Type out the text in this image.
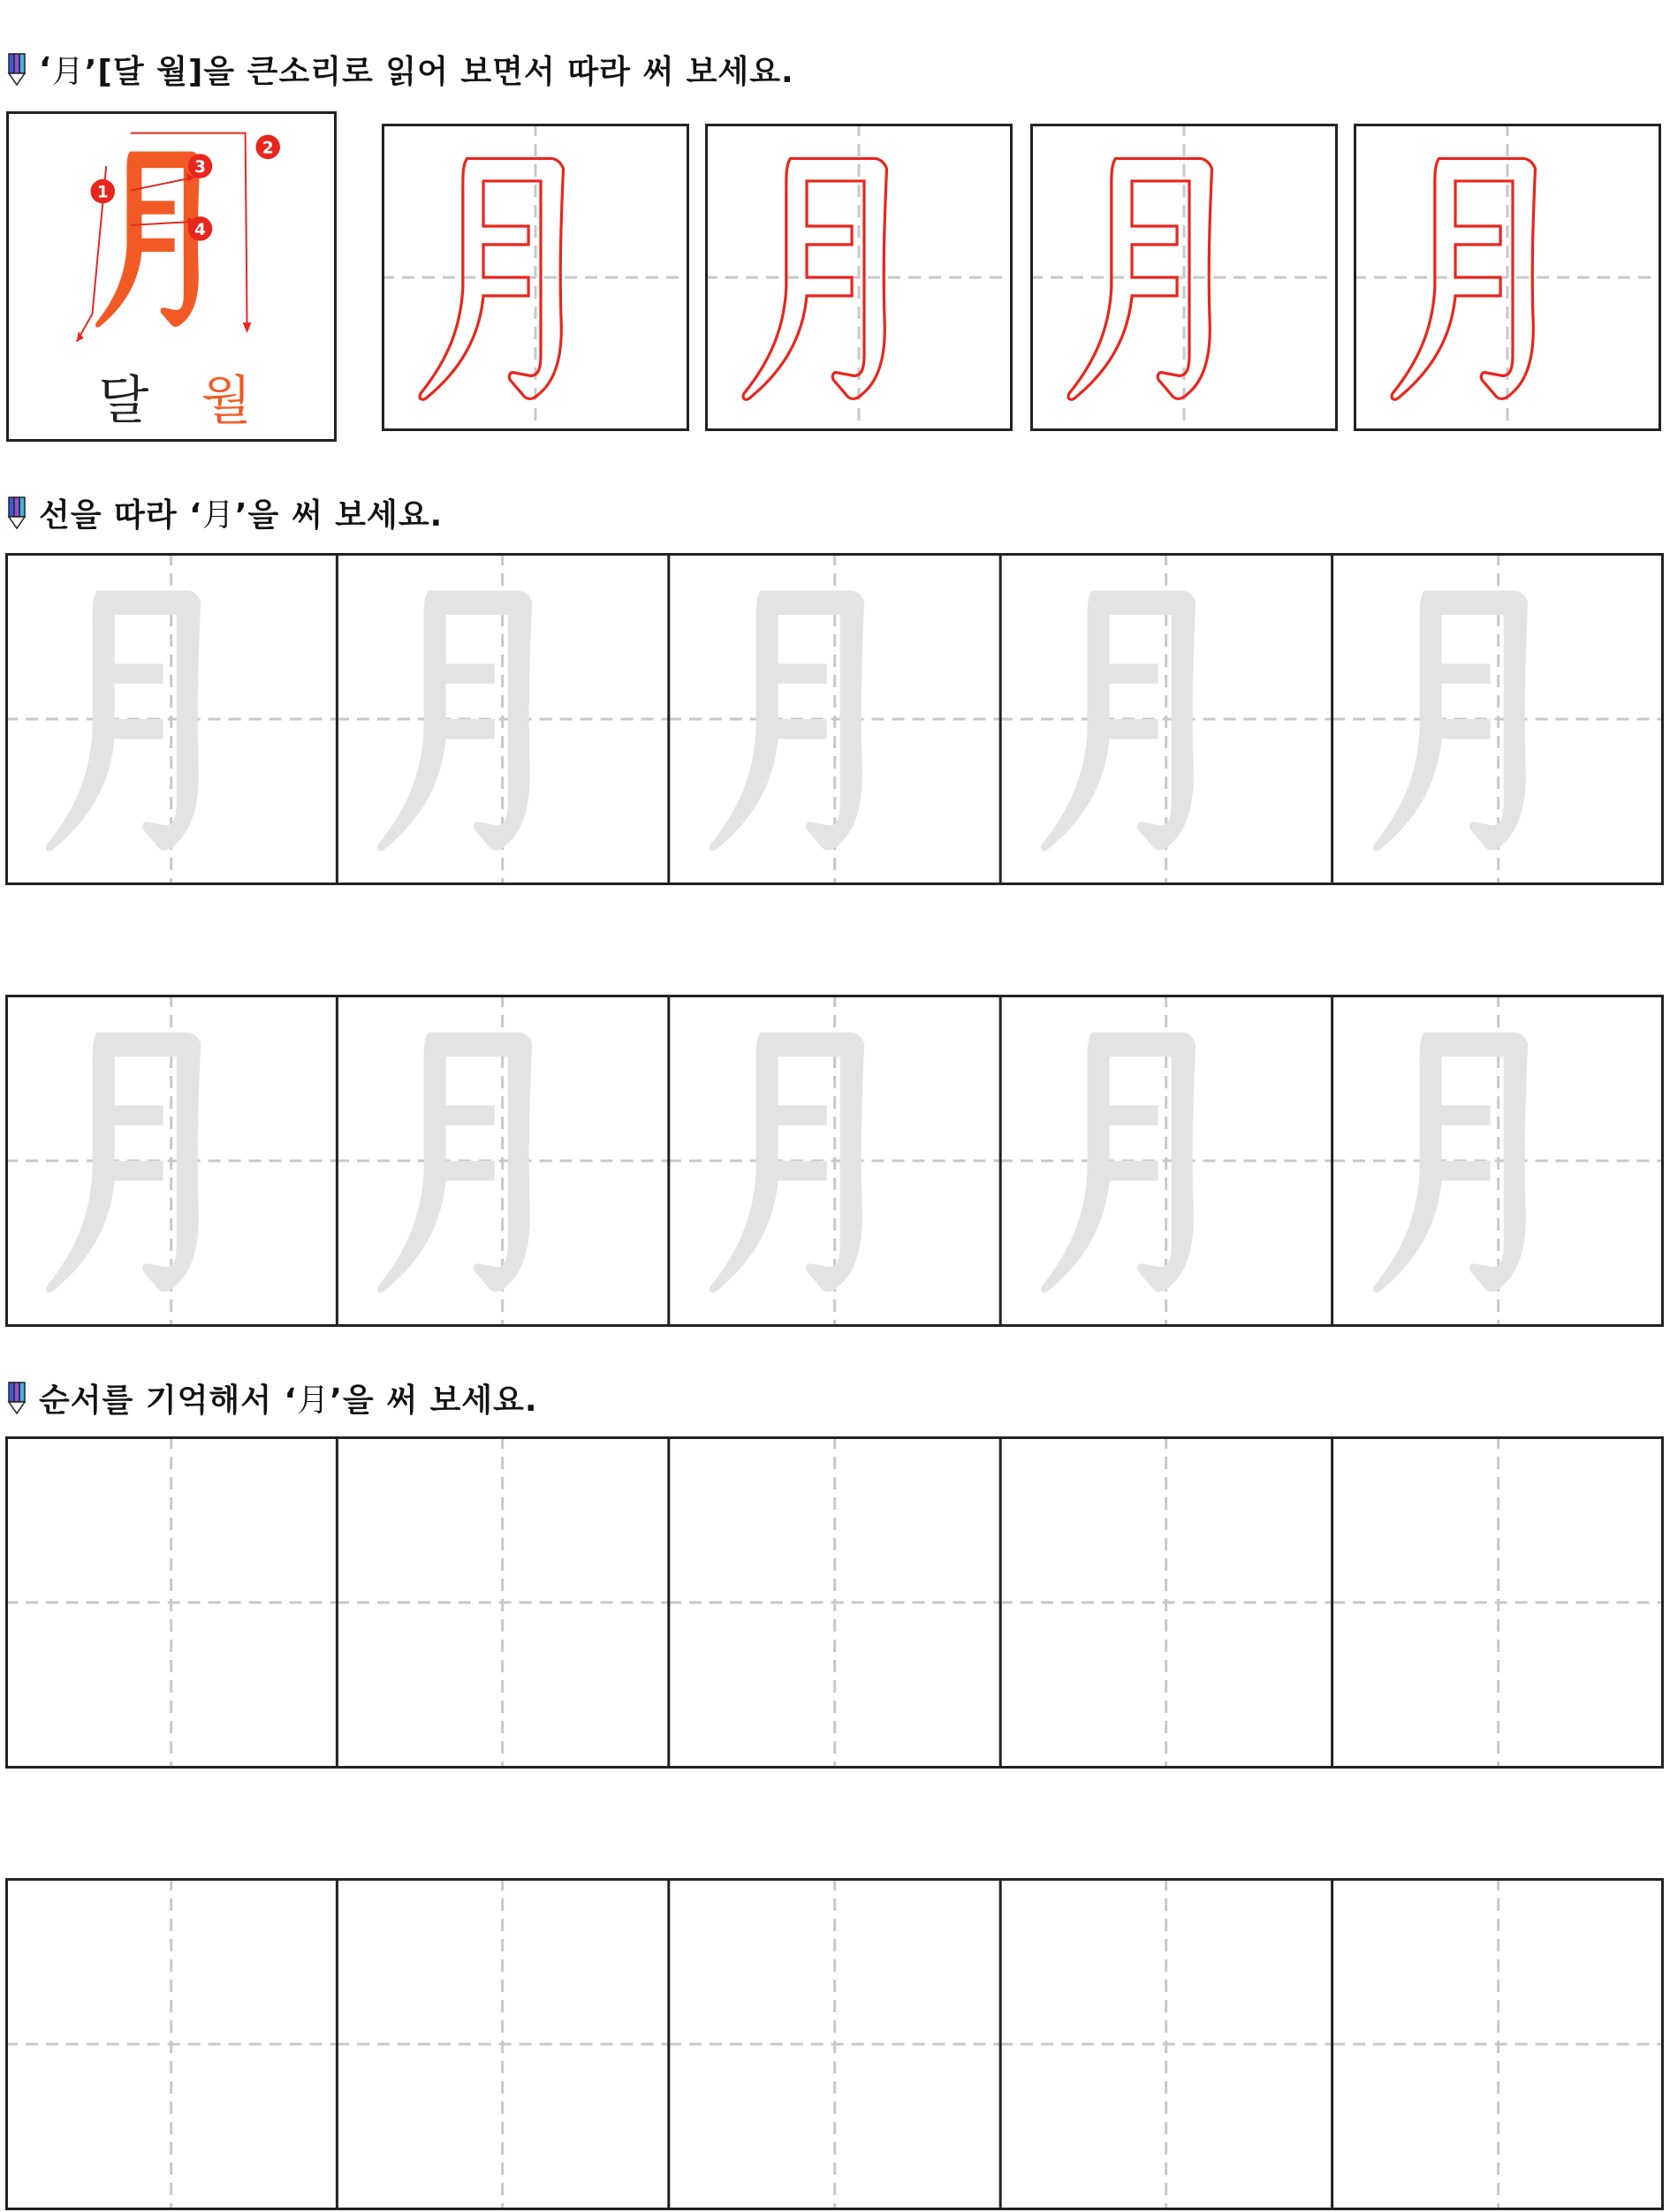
‘ 月 ’[달 월]을 큰소리로 읽어 보면서 따라 써 보세요.
1
2
3
4
달 월
선을 따라 ‘ 月 ’을 써 보세요.
순서를 기억해서 ‘ 月 ’을 써 보세요.
